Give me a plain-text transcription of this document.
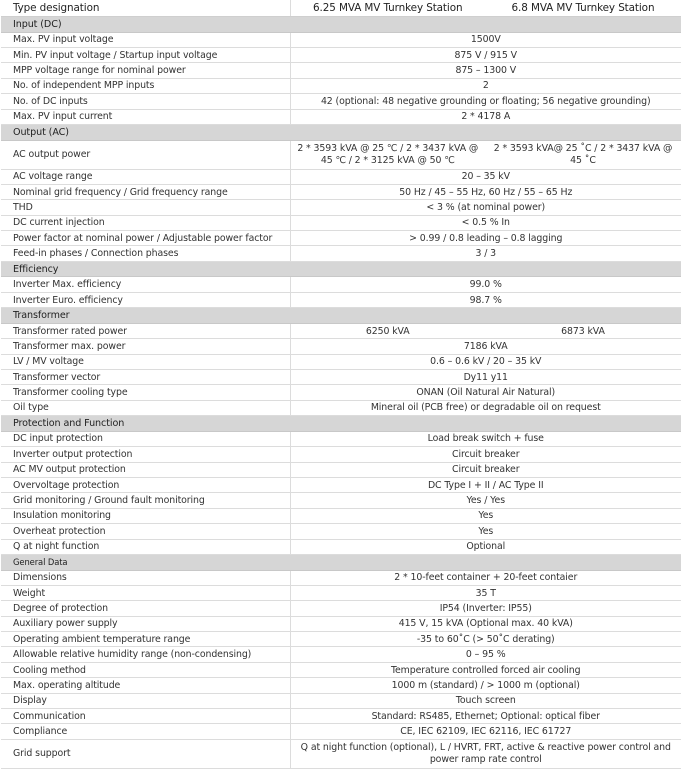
Type designation	6.25 MVA MV Turnkey Station	6.8 MVA MV Turnkey Station
Input (DC)		
Max. PV input voltage	1500V	
Min. PV input voltage / Startup input voltage	875 V / 915 V	
MPP voltage range for nominal power	875 – 1300 V	
No. of independent MPP inputs	2	
No. of DC inputs	42 (optional: 48 negative grounding or floating; 56 negative grounding)	
Max. PV input current	2 * 4178 A	
Output (AC)		
AC output power	2 * 3593 kVA @ 25 ℃ / 2 * 3437 kVA @ 45 ℃ / 2 * 3125 kVA @ 50 ℃	2 * 3593 kVA@ 25 ˚C / 2 * 3437 kVA @ 45 ˚C
AC voltage range	20 – 35 kV	
Nominal grid frequency / Grid frequency range	50 Hz / 45 – 55 Hz, 60 Hz / 55 – 65 Hz	
THD	< 3 % (at nominal power)	
DC current injection	< 0.5 % In	
Power factor at nominal power / Adjustable power factor	> 0.99 / 0.8 leading – 0.8 lagging	
Feed-in phases / Connection phases	3 / 3	
Efficiency		
Inverter Max. efficiency	99.0 %	
Inverter Euro. efficiency	98.7 %	
Transformer		
Transformer rated power	6250 kVA	6873 kVA
Transformer max. power	7186 kVA	
LV / MV voltage	0.6 – 0.6 kV / 20 – 35 kV	
Transformer vector	Dy11 y11	
Transformer cooling type	ONAN (Oil Natural Air Natural)	
Oil type	Mineral oil (PCB free) or degradable oil on request	
Protection and Function		
DC input protection	Load break switch + fuse	
Inverter output protection	Circuit breaker	
AC MV output protection	Circuit breaker	
Overvoltage protection	DC Type I + II / AC Type II	
Grid monitoring / Ground fault monitoring	Yes / Yes	
Insulation monitoring	Yes	
Overheat protection	Yes	
Q at night function	Optional	
General Data		
Dimensions	2 * 10-feet container + 20-feet contaier	
Weight	35 T	
Degree of protection	IP54 (Inverter: IP55)	
Auxiliary power supply	415 V, 15 kVA (Optional max. 40 kVA)	
Operating ambient temperature range	-35 to 60˚C (> 50˚C derating)	
Allowable relative humidity range (non-condensing)	0 – 95 %	
Cooling method	Temperature controlled forced air cooling	
Max. operating altitude	1000 m (standard) / > 1000 m (optional)	
Display	Touch screen	
Communication	Standard: RS485, Ethernet; Optional: optical fiber	
Compliance	CE, IEC 62109, IEC 62116, IEC 61727	
Grid support	Q at night function (optional), L / HVRT, FRT, active & reactive power control and power ramp rate control	
